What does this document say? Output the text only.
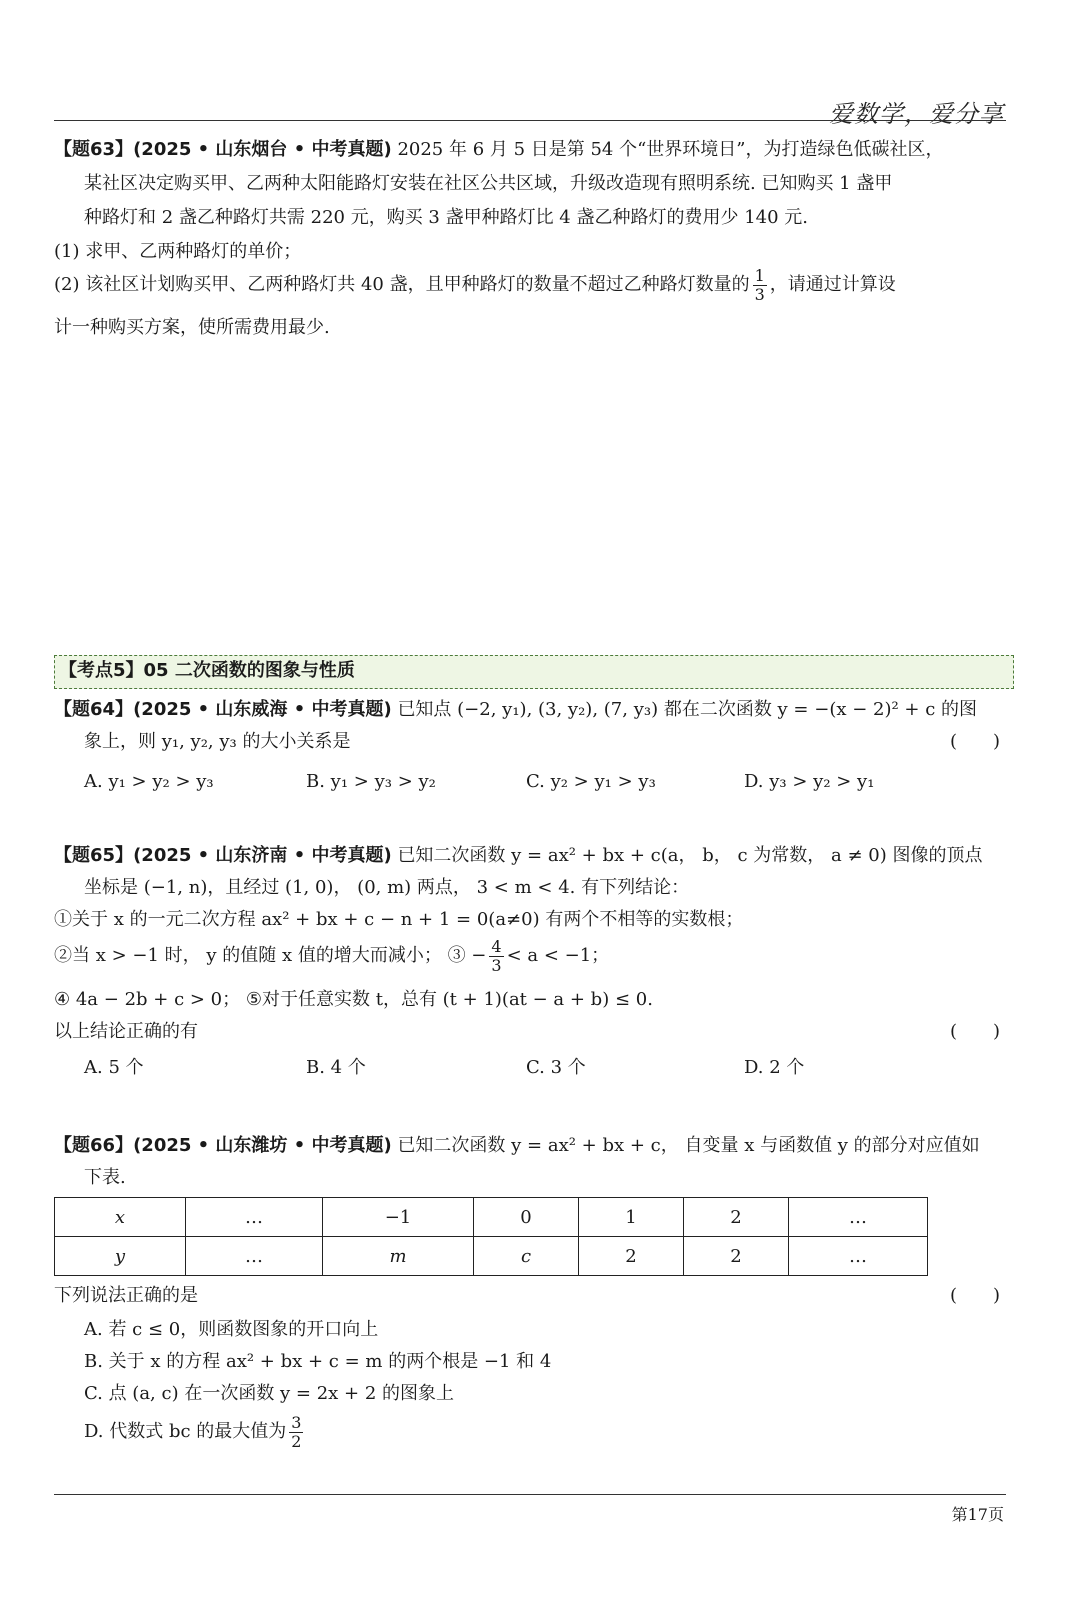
爱数学，爱分享
【题63】(2025 • 山东烟台 • 中考真题) 2025 年 6 月 5 日是第 54 个“世界环境日”，为打造绿色低碳社区，
某社区决定购买甲、乙两种太阳能路灯安装在社区公共区域，升级改造现有照明系统. 已知购买 1 盏甲
种路灯和 2 盏乙种路灯共需 220 元，购买 3 盏甲种路灯比 4 盏乙种路灯的费用少 140 元.
(1) 求甲、乙两种路灯的单价；
(2) 该社区计划购买甲、乙两种路灯共 40 盏，且甲种路灯的数量不超过乙种路灯数量的 $\frac{1}{3}$ ，请通过计算设
计一种购买方案，使所需费用最少.
【考点5】05 二次函数的图象与性质
【题64】(2025 • 山东威海 • 中考真题) 已知点 (−2, y₁), (3, y₂), (7, y₃) 都在二次函数 y = −(x − 2)² + c 的图
象上，则 y₁, y₂, y₃ 的大小关系是	(　　)
A. y₁ > y₂ > y₃	B. y₁ > y₃ > y₂	C. y₂ > y₁ > y₃	D. y₃ > y₂ > y₁
【题65】(2025 • 山东济南 • 中考真题) 已知二次函数 y = ax² + bx + c(a， b， c 为常数， a ≠ 0) 图像的顶点
坐标是 (−1, n)，且经过 (1, 0)， (0, m) 两点， 3 < m < 4. 有下列结论：
①关于 x 的一元二次方程 ax² + bx + c − n + 1 = 0(a≠0) 有两个不相等的实数根；
②当 x > −1 时， y 的值随 x 值的增大而减小； ③ − $\frac{4}{3} < a < -1$；
④ 4a − 2b + c > 0； ⑤对于任意实数 t，总有 (t + 1)(at − a + b) ≤ 0.
以上结论正确的有	(　　)
A. 5 个	B. 4 个	C. 3 个	D. 2 个
【题66】(2025 • 山东潍坊 • 中考真题) 已知二次函数 y = ax² + bx + c， 自变量 x 与函数值 y 的部分对应值如
下表.
x	…	−1	0	1	2	…
y	…	m	c	2	2	…
下列说法正确的是	(　　)
A. 若 c ≤ 0，则函数图象的开口向上
B. 关于 x 的方程 ax² + bx + c = m 的两个根是 −1 和 4
C. 点 (a, c) 在一次函数 y = 2x + 2 的图象上
D. 代数式 bc 的最大值为 $\frac{3}{2}$
第17页
